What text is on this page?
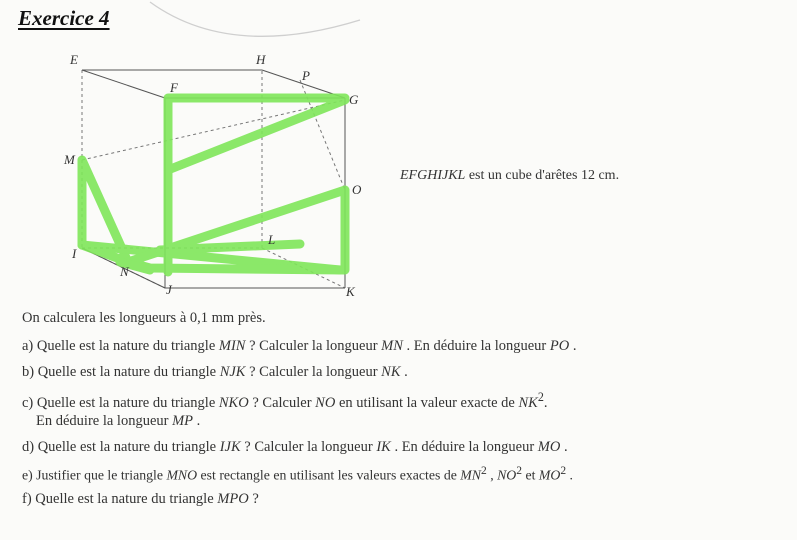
Exercice 4
E	H
P
F
G
M
O
L
I
N
J	K
EFGHIJKL est un cube d'arêtes 12 cm.
On calculera les longueurs à 0,1 mm près.
a) Quelle est la nature du triangle MIN ? Calculer la longueur MN . En déduire la longueur PO .
b) Quelle est la nature du triangle NJK ? Calculer la longueur NK .
c) Quelle est la nature du triangle NKO ? Calculer NO en utilisant la valeur exacte de $NK^2$.
En déduire la longueur MP .
d) Quelle est la nature du triangle IJK ? Calculer la longueur IK . En déduire la longueur MO .
e) Justifier que le triangle MNO est rectangle en utilisant les valeurs exactes de $MN^2$ , $NO^2$ et $MO^2$ .
f) Quelle est la nature du triangle MPO ?
